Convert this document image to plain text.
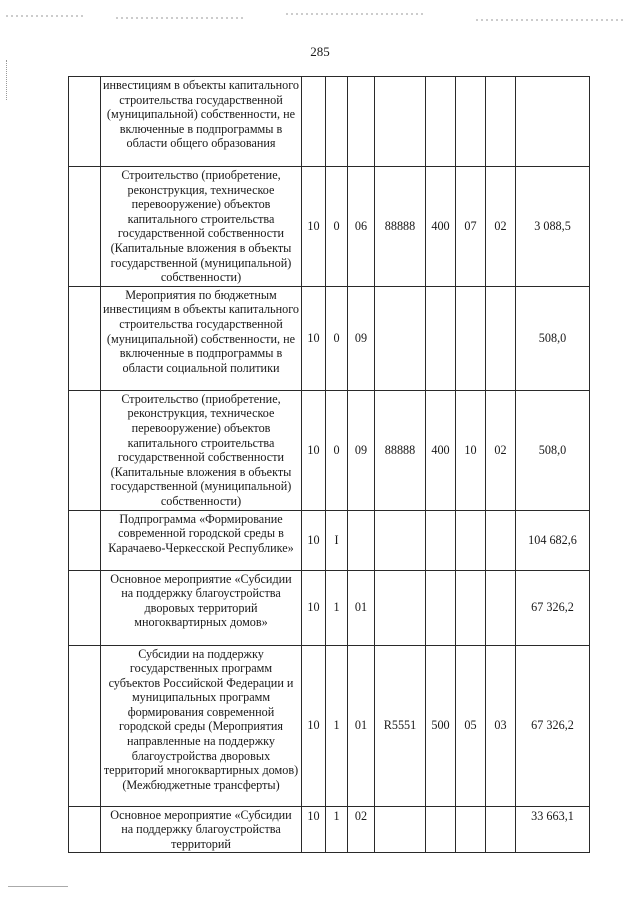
285
	инвестициям в объекты капитального строительства государственной (муниципальной) собственности, не включенные в подпрограммы в области общего образования								
	Строительство (приобретение, реконструкция, техническое перевооружение) объектов капитального строительства государственной собственности (Капитальные вложения в объекты государственной (муниципальной) собственности)	10	0	06	88888	400	07	02	3 088,5
	Мероприятия по бюджетным инвестициям в объекты капитального строительства государственной (муниципальной) собственности, не включенные в подпрограммы в области социальной политики	10	0	09					508,0
	Строительство (приобретение, реконструкция, техническое перевооружение) объектов капитального строительства государственной собственности (Капитальные вложения в объекты государственной (муниципальной) собственности)	10	0	09	88888	400	10	02	508,0
	Подпрограмма «Формирование современной городской среды в Карачаево-Черкесской Республике»	10	I						104 682,6
	Основное мероприятие «Субсидии на поддержку благоустройства дворовых территорий многоквартирных домов»	10	1	01					67 326,2
	Субсидии на поддержку государственных программ субъектов Российской Федерации и муниципальных программ формирования современной городской среды (Мероприятия направленные на поддержку благоустройства дворовых территорий многоквартирных домов) (Межбюджетные трансферты)	10	1	01	R5551	500	05	03	67 326,2
	Основное мероприятие «Субсидии на поддержку благоустройства территорий	10	1	02					33 663,1
